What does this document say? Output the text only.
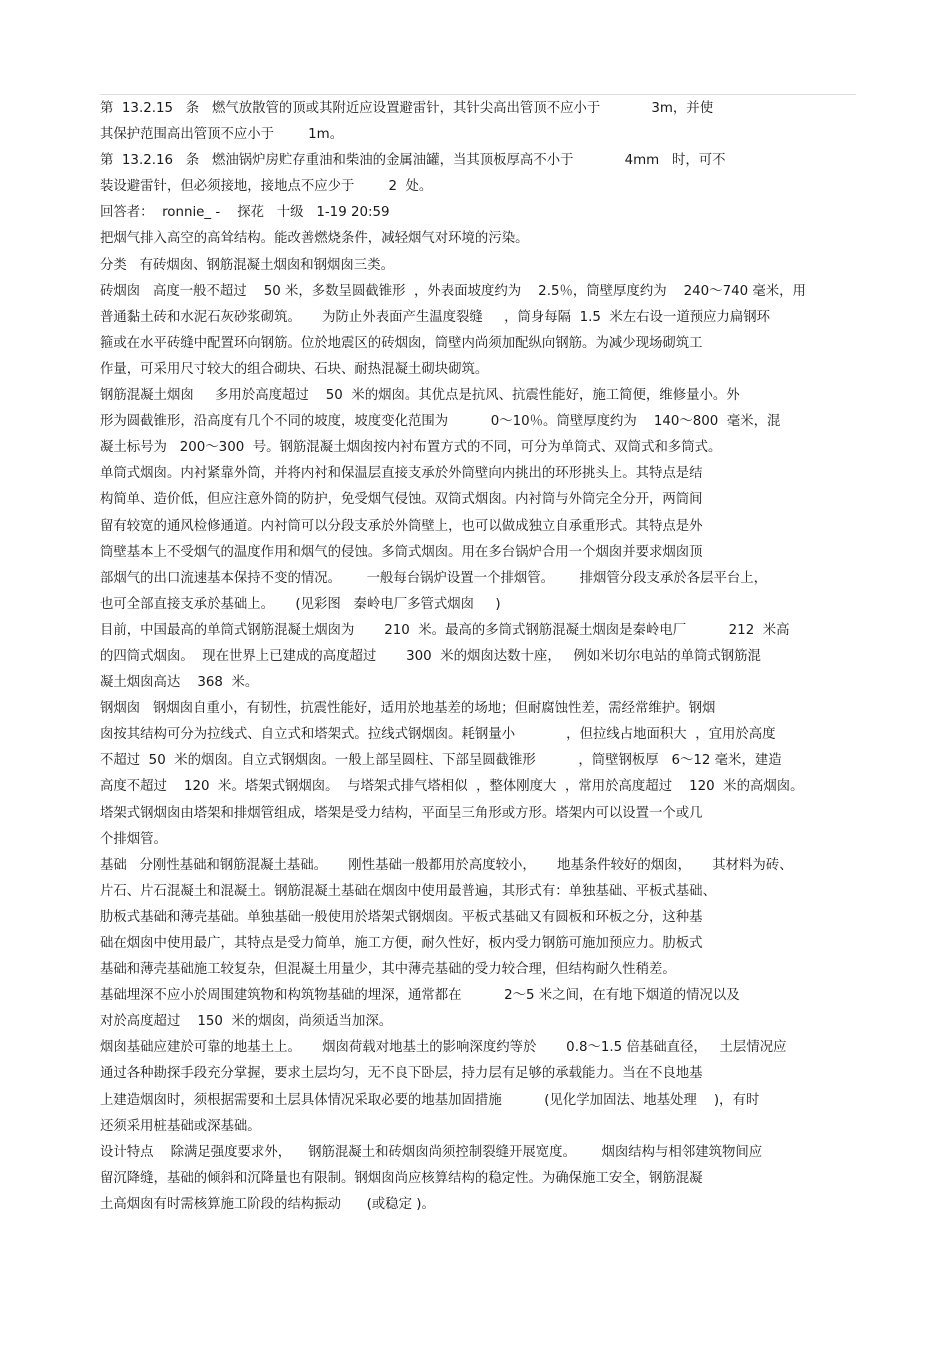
第  13.2.15   条   燃气放散管的顶或其附近应设置避雷针，其针尖高出管顶不应小于            3m，并使
其保护范围高出管顶不应小于        1m。
第  13.2.16   条   燃油锅炉房贮存重油和柴油的金属油罐，当其顶板厚高不小于            4mm   时，可不
装设避雷针，但必须接地，接地点不应少于        2  处。
回答者：  ronnie_ -    探花   十级   1-19 20:59
把烟气排入高空的高耸结构。能改善燃烧条件，减轻烟气对环境的污染。
分类   有砖烟囱、钢筋混凝土烟囱和钢烟囱三类。
砖烟囱   高度一般不超过    50 米，多数呈圆截锥形  ，外表面坡度约为    2.5％，筒壁厚度约为    240～740 毫米，用
普通黏土砖和水泥石灰砂浆砌筑。     为防止外表面产生温度裂缝     ，筒身每隔  1.5  米左右设一道预应力扁钢环
箍或在水平砖缝中配置环向钢筋。位於地震区的砖烟囱，筒壁内尚须加配纵向钢筋。为减少现场砌筑工
作量，可采用尺寸较大的组合砌块、石块、耐热混凝土砌块砌筑。
钢筋混凝土烟囱     多用於高度超过    50  米的烟囱。其优点是抗风、抗震性能好，施工简便，维修量小。外
形为圆截锥形，沿高度有几个不同的坡度，坡度变化范围为          0～10％。筒壁厚度约为    140～800  毫米，混
凝土标号为   200～300  号。钢筋混凝土烟囱按内衬布置方式的不同，可分为单筒式、双筒式和多筒式。
单筒式烟囱。内衬紧靠外筒，并将内衬和保温层直接支承於外筒壁向内挑出的环形挑头上。其特点是结
构简单、造价低，但应注意外筒的防护，免受烟气侵蚀。双筒式烟囱。内衬筒与外筒完全分开，两筒间
留有较宽的通风检修通道。内衬筒可以分段支承於外筒壁上，也可以做成独立自承重形式。其特点是外
筒壁基本上不受烟气的温度作用和烟气的侵蚀。多筒式烟囱。用在多台锅炉合用一个烟囱并要求烟囱顶
部烟气的出口流速基本保持不变的情况。      一般每台锅炉设置一个排烟管。      排烟管分段支承於各层平台上，
也可全部直接支承於基础上。     (见彩图   秦岭电厂多管式烟囱     )
目前，中国最高的单筒式钢筋混凝土烟囱为       210  米。最高的多筒式钢筋混凝土烟囱是秦岭电厂          212  米高
的四筒式烟囱。  现在世界上已建成的高度超过       300  米的烟囱达数十座，   例如米切尔电站的单筒式钢筋混
凝土烟囱高达    368  米。
钢烟囱   钢烟囱自重小，有韧性，抗震性能好，适用於地基差的场地；但耐腐蚀性差，需经常维护。钢烟
囱按其结构可分为拉线式、自立式和塔架式。拉线式钢烟囱。耗钢量小            ，但拉线占地面积大  ，宜用於高度
不超过  50  米的烟囱。自立式钢烟囱。一般上部呈圆柱、下部呈圆截锥形          ，筒壁钢板厚   6～12 毫米，建造
高度不超过    120  米。塔架式钢烟囱。  与塔架式排气塔相似  ，整体刚度大  ，常用於高度超过    120  米的高烟囱。
塔架式钢烟囱由塔架和排烟管组成，塔架是受力结构，平面呈三角形或方形。塔架内可以设置一个或几
个排烟管。
基础   分刚性基础和钢筋混凝土基础。     刚性基础一般都用於高度较小，     地基条件较好的烟囱，     其材料为砖、
片石、片石混凝土和混凝土。钢筋混凝土基础在烟囱中使用最普遍，其形式有：单独基础、平板式基础、
肋板式基础和薄壳基础。单独基础一般使用於塔架式钢烟囱。平板式基础又有圆板和环板之分，这种基
础在烟囱中使用最广，其特点是受力简单，施工方便，耐久性好，板内受力钢筋可施加预应力。肋板式
基础和薄壳基础施工较复杂，但混凝土用量少，其中薄壳基础的受力较合理，但结构耐久性稍差。
基础埋深不应小於周围建筑物和构筑物基础的埋深，通常都在          2～5 米之间，在有地下烟道的情况以及
对於高度超过    150  米的烟囱，尚须适当加深。
烟囱基础应建於可靠的地基土上。     烟囱荷载对地基土的影响深度约等於       0.8～1.5 倍基础直径，   土层情况应
通过各种勘探手段充分掌握，要求土层均匀，无不良下卧层，持力层有足够的承载能力。当在不良地基
上建造烟囱时，须根据需要和土层具体情况采取必要的地基加固措施          (见化学加固法、地基处理    )，有时
还须采用桩基础或深基础。
设计特点    除满足强度要求外，    钢筋混凝土和砖烟囱尚须控制裂缝开展宽度。      烟囱结构与相邻建筑物间应
留沉降缝，基础的倾斜和沉降量也有限制。钢烟囱尚应核算结构的稳定性。为确保施工安全，钢筋混凝
土高烟囱有时需核算施工阶段的结构振动      (或稳定 )。
